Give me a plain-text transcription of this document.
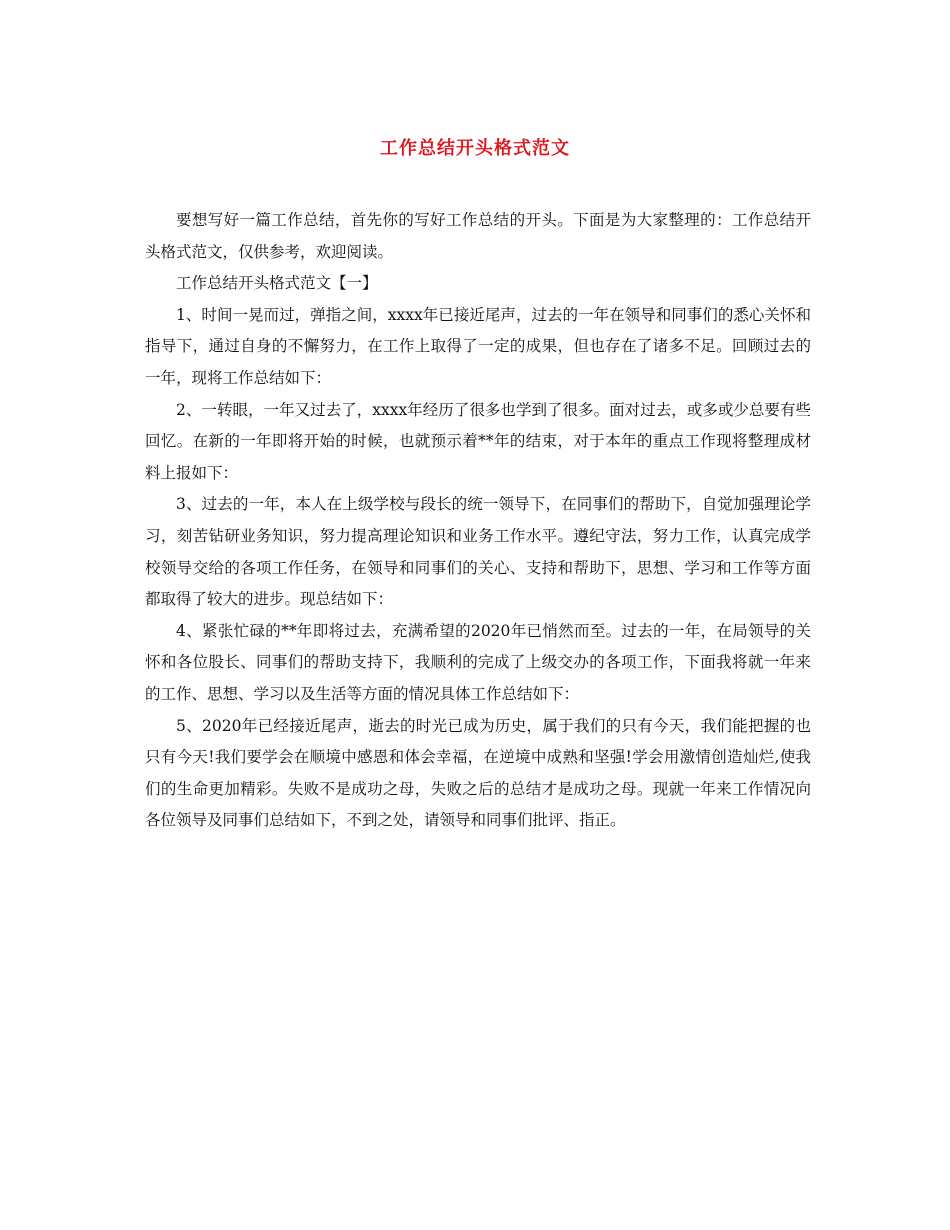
工作总结开头格式范文

要想写好一篇工作总结，首先你的写好工作总结的开头。下面是为大家整理的：工作总结开头格式范文，仅供参考，欢迎阅读。

工作总结开头格式范文【一】

1、时间一晃而过，弹指之间，xxxx年已接近尾声，过去的一年在领导和同事们的悉心关怀和指导下，通过自身的不懈努力，在工作上取得了一定的成果，但也存在了诸多不足。回顾过去的一年，现将工作总结如下：

2、一转眼，一年又过去了，xxxx年经历了很多也学到了很多。面对过去，或多或少总要有些回忆。在新的一年即将开始的时候，也就预示着**年的结束，对于本年的重点工作现将整理成材料上报如下：

3、过去的一年，本人在上级学校与段长的统一领导下，在同事们的帮助下，自觉加强理论学习，刻苦钻研业务知识，努力提高理论知识和业务工作水平。遵纪守法，努力工作，认真完成学校领导交给的各项工作任务，在领导和同事们的关心、支持和帮助下，思想、学习和工作等方面都取得了较大的进步。现总结如下：

4、紧张忙碌的**年即将过去，充满希望的2020年已悄然而至。过去的一年，在局领导的关怀和各位股长、同事们的帮助支持下，我顺利的完成了上级交办的各项工作，下面我将就一年来的工作、思想、学习以及生活等方面的情况具体工作总结如下：

5、2020年已经接近尾声，逝去的时光已成为历史，属于我们的只有今天，我们能把握的也只有今天!我们要学会在顺境中感恩和体会幸福，在逆境中成熟和坚强!学会用激情创造灿烂,使我们的生命更加精彩。失败不是成功之母，失败之后的总结才是成功之母。现就一年来工作情况向各位领导及同事们总结如下，不到之处，请领导和同事们批评、指正。
